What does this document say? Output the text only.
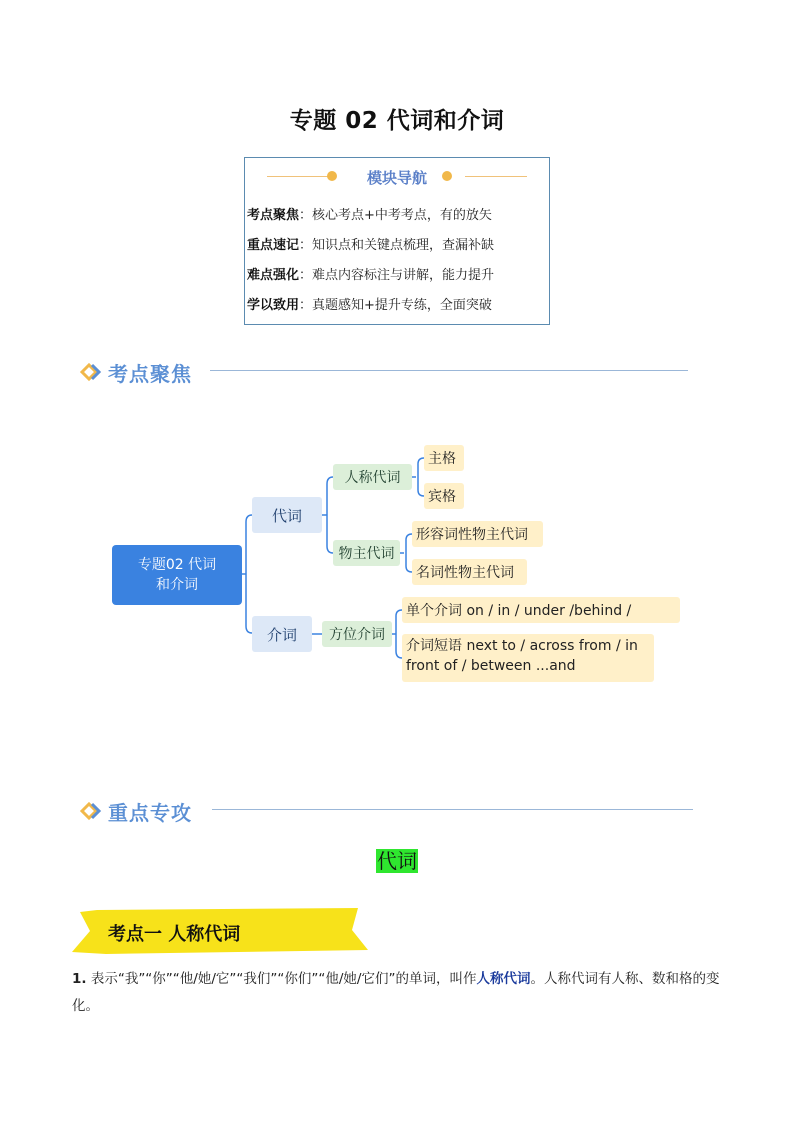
专题 02 代词和介词
模块导航
考点聚焦：核心考点+中考考点，有的放矢
重点速记：知识点和关键点梳理，查漏补缺
难点强化：难点内容标注与讲解，能力提升
学以致用：真题感知+提升专练，全面突破
考点聚焦
专题02 代词和介词
代词
介词
人称代词
物主代词
方位介词
主格
宾格
形容词性物主代词
名词性物主代词
单个介词 on / in / under /behind /
介词短语 next to / across from / in front of / between ...and
重点专攻
代词
考点一 人称代词
1. 表示“我”“你”“他/她/它”“我们”“你们”“他/她/它们”的单词，叫作人称代词。人称代词有人称、数和格的变化。
